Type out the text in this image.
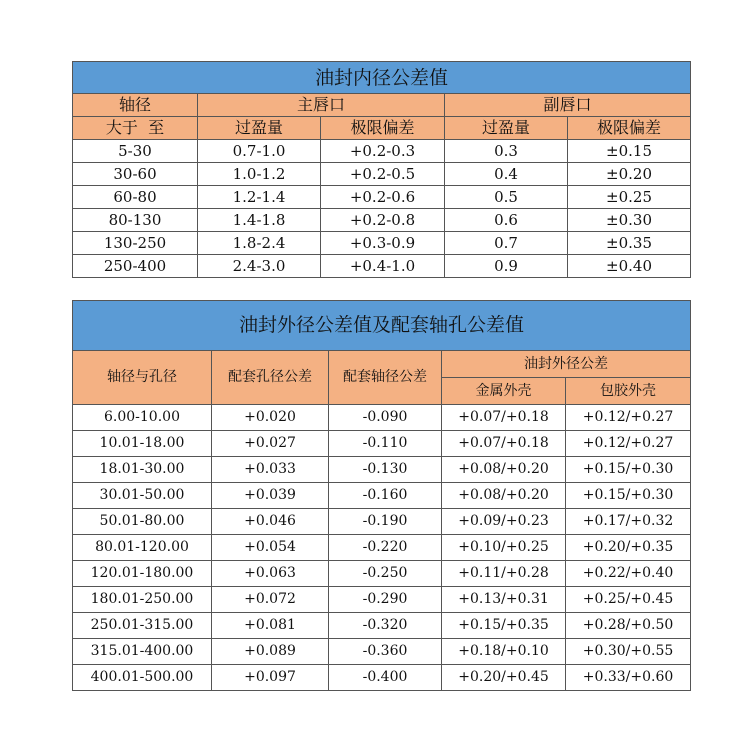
油封内径公差值				
轴径	主唇口		副唇口	
大于  至	过盈量	极限偏差	过盈量	极限偏差
5-30	0.7-1.0	+0.2-0.3	0.3	±0.15
30-60	1.0-1.2	+0.2-0.5	0.4	±0.20
60-80	1.2-1.4	+0.2-0.6	0.5	±0.25
80-130	1.4-1.8	+0.2-0.8	0.6	±0.30
130-250	1.8-2.4	+0.3-0.9	0.7	±0.35
250-400	2.4-3.0	+0.4-1.0	0.9	±0.40
油封外径公差值及配套轴孔公差值				
轴径与孔径	配套孔径公差	配套轴径公差	油封外径公差	
			金属外壳	包胶外壳
6.00-10.00	+0.020	-0.090	+0.07/+0.18	+0.12/+0.27
10.01-18.00	+0.027	-0.110	+0.07/+0.18	+0.12/+0.27
18.01-30.00	+0.033	-0.130	+0.08/+0.20	+0.15/+0.30
30.01-50.00	+0.039	-0.160	+0.08/+0.20	+0.15/+0.30
50.01-80.00	+0.046	-0.190	+0.09/+0.23	+0.17/+0.32
80.01-120.00	+0.054	-0.220	+0.10/+0.25	+0.20/+0.35
120.01-180.00	+0.063	-0.250	+0.11/+0.28	+0.22/+0.40
180.01-250.00	+0.072	-0.290	+0.13/+0.31	+0.25/+0.45
250.01-315.00	+0.081	-0.320	+0.15/+0.35	+0.28/+0.50
315.01-400.00	+0.089	-0.360	+0.18/+0.10	+0.30/+0.55
400.01-500.00	+0.097	-0.400	+0.20/+0.45	+0.33/+0.60
